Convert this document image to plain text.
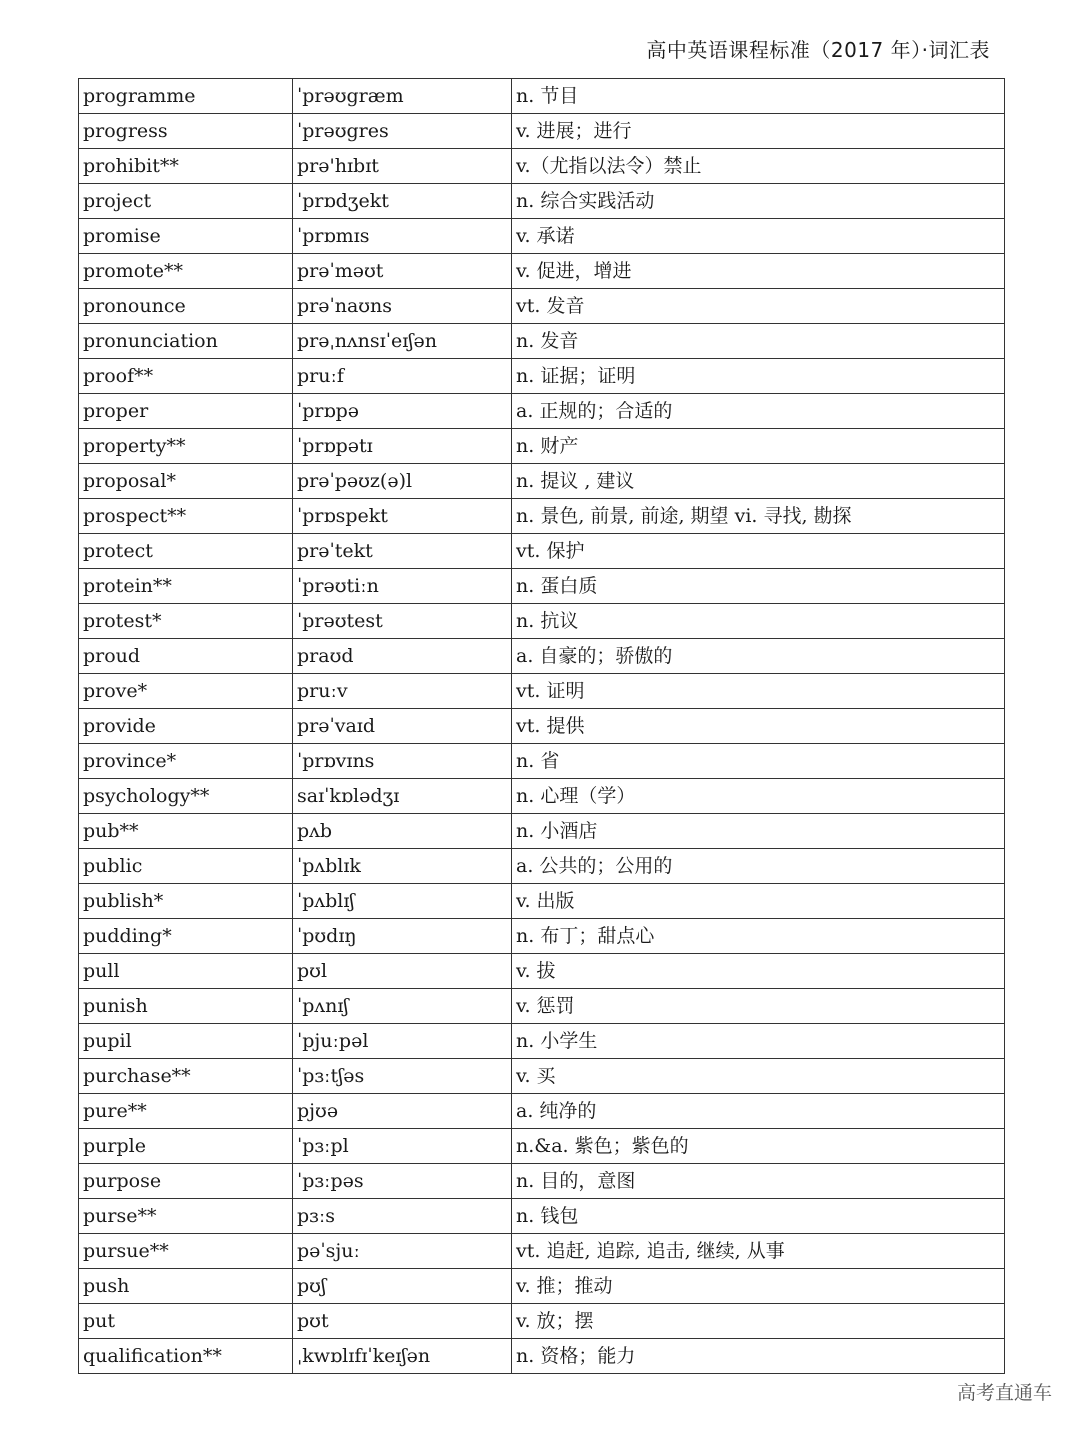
高中英语课程标准（2017 年）·词汇表
programme	ˈprəʊgræm	n. 节目
progress	ˈprəʊgres	v. 进展；进行
prohibit**	prə'hɪbɪt	v.（尤指以法令）禁止
project	ˈprɒdʒekt	n. 综合实践活动
promise	ˈprɒmɪs	v. 承诺
promote**	prəˈməʊt	v. 促进，增进
pronounce	prəˈnaʊns	vt. 发音
pronunciation	prəˌnʌnsɪˈeɪʃən	n. 发音
proof**	pruːf	n. 证据；证明
proper	ˈprɒpə	a. 正规的；合适的
property**	ˈprɒpətɪ	n. 财产
proposal*	prəˈpəʊz(ə)l	n. 提议 , 建议
prospect**	ˈprɒspekt	n. 景色, 前景, 前途, 期望 vi. 寻找, 勘探
protect	prəˈtekt	vt. 保护
protein**	ˈprəʊtiːn	n. 蛋白质
protest*	ˈprəʊtest	n. 抗议
proud	praʊd	a. 自豪的；骄傲的
prove*	pruːv	vt. 证明
provide	prəˈvaɪd	vt. 提供
province*	ˈprɒvɪns	n. 省
psychology**	saɪˈkɒlədʒɪ	n. 心理（学）
pub**	pʌb	n. 小酒店
public	ˈpʌblɪk	a. 公共的；公用的
publish*	ˈpʌblɪʃ	v. 出版
pudding*	ˈpʊdɪŋ	n. 布丁；甜点心
pull	pʊl	v. 拔
punish	ˈpʌnɪʃ	v. 惩罚
pupil	ˈpjuːpəl	n. 小学生
purchase**	ˈpɜːtʃəs	v. 买
pure**	pjʊə	a. 纯净的
purple	ˈpɜːpl	n.&a. 紫色；紫色的
purpose	ˈpɜːpəs	n. 目的，意图
purse**	pɜːs	n. 钱包
pursue**	pəˈsjuː	vt. 追赶, 追踪, 追击, 继续, 从事
push	pʊʃ	v. 推；推动
put	pʊt	v. 放；摆
qualification**	ˌkwɒlɪfɪˈkeɪʃən	n. 资格；能力
高考直通车
